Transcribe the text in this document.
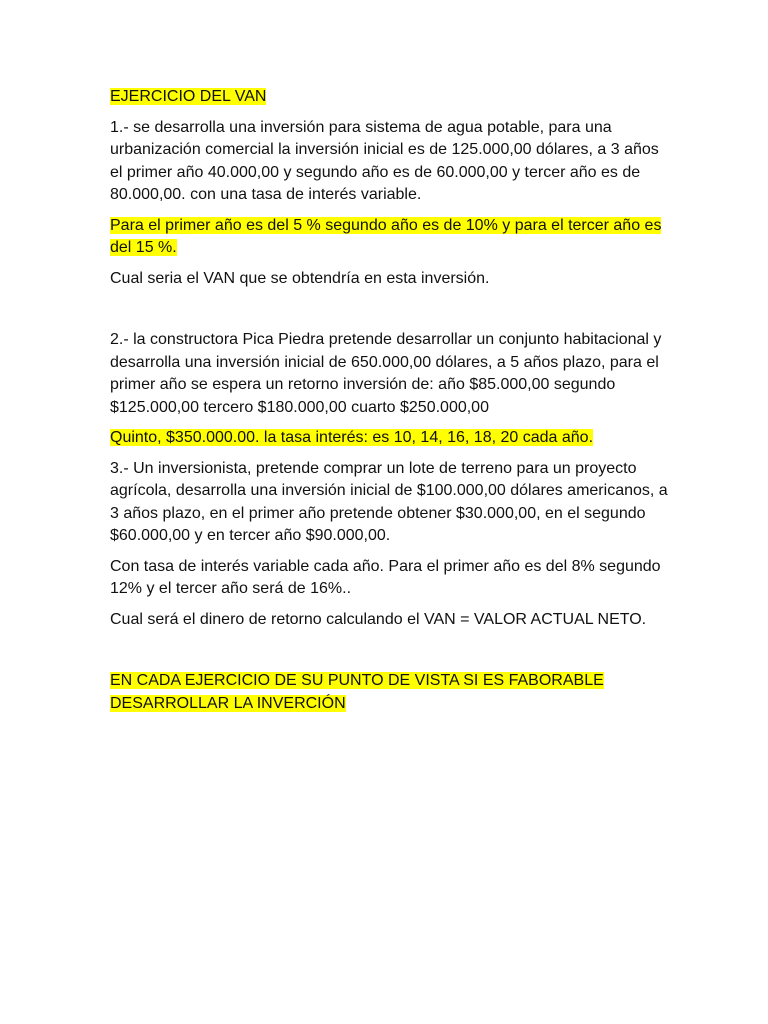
EJERCICIO DEL VAN

1.- se desarrolla una inversión para sistema de agua potable, para una urbanización comercial la inversión inicial es de 125.000,00 dólares, a 3 años el primer año 40.000,00 y segundo año es de 60.000,00 y tercer año es de 80.000,00. con una tasa de interés variable.

Para el primer año es del 5 % segundo año es de 10% y para el tercer año es del 15 %.

Cual seria el VAN que se obtendría en esta inversión.

2.- la constructora Pica Piedra pretende desarrollar un conjunto habitacional y desarrolla una inversión inicial de 650.000,00 dólares, a 5 años plazo, para el primer año se espera un retorno inversión de: año $85.000,00 segundo $125.000,00 tercero $180.000,00 cuarto $250.000,00

Quinto, $350.000.00. la tasa interés: es 10, 14, 16, 18, 20 cada año.

3.- Un inversionista, pretende comprar un lote de terreno para un proyecto agrícola, desarrolla una inversión inicial de $100.000,00 dólares americanos, a 3 años plazo, en el primer año pretende obtener $30.000,00, en el segundo $60.000,00 y en tercer año $90.000,00.

Con tasa de interés variable cada año. Para el primer año es del 8% segundo 12% y el tercer año será de 16%..

Cual será el dinero de retorno calculando el VAN = VALOR ACTUAL NETO.

EN CADA EJERCICIO DE SU PUNTO DE VISTA SI ES FABORABLE DESARROLLAR LA INVERCIÓN
